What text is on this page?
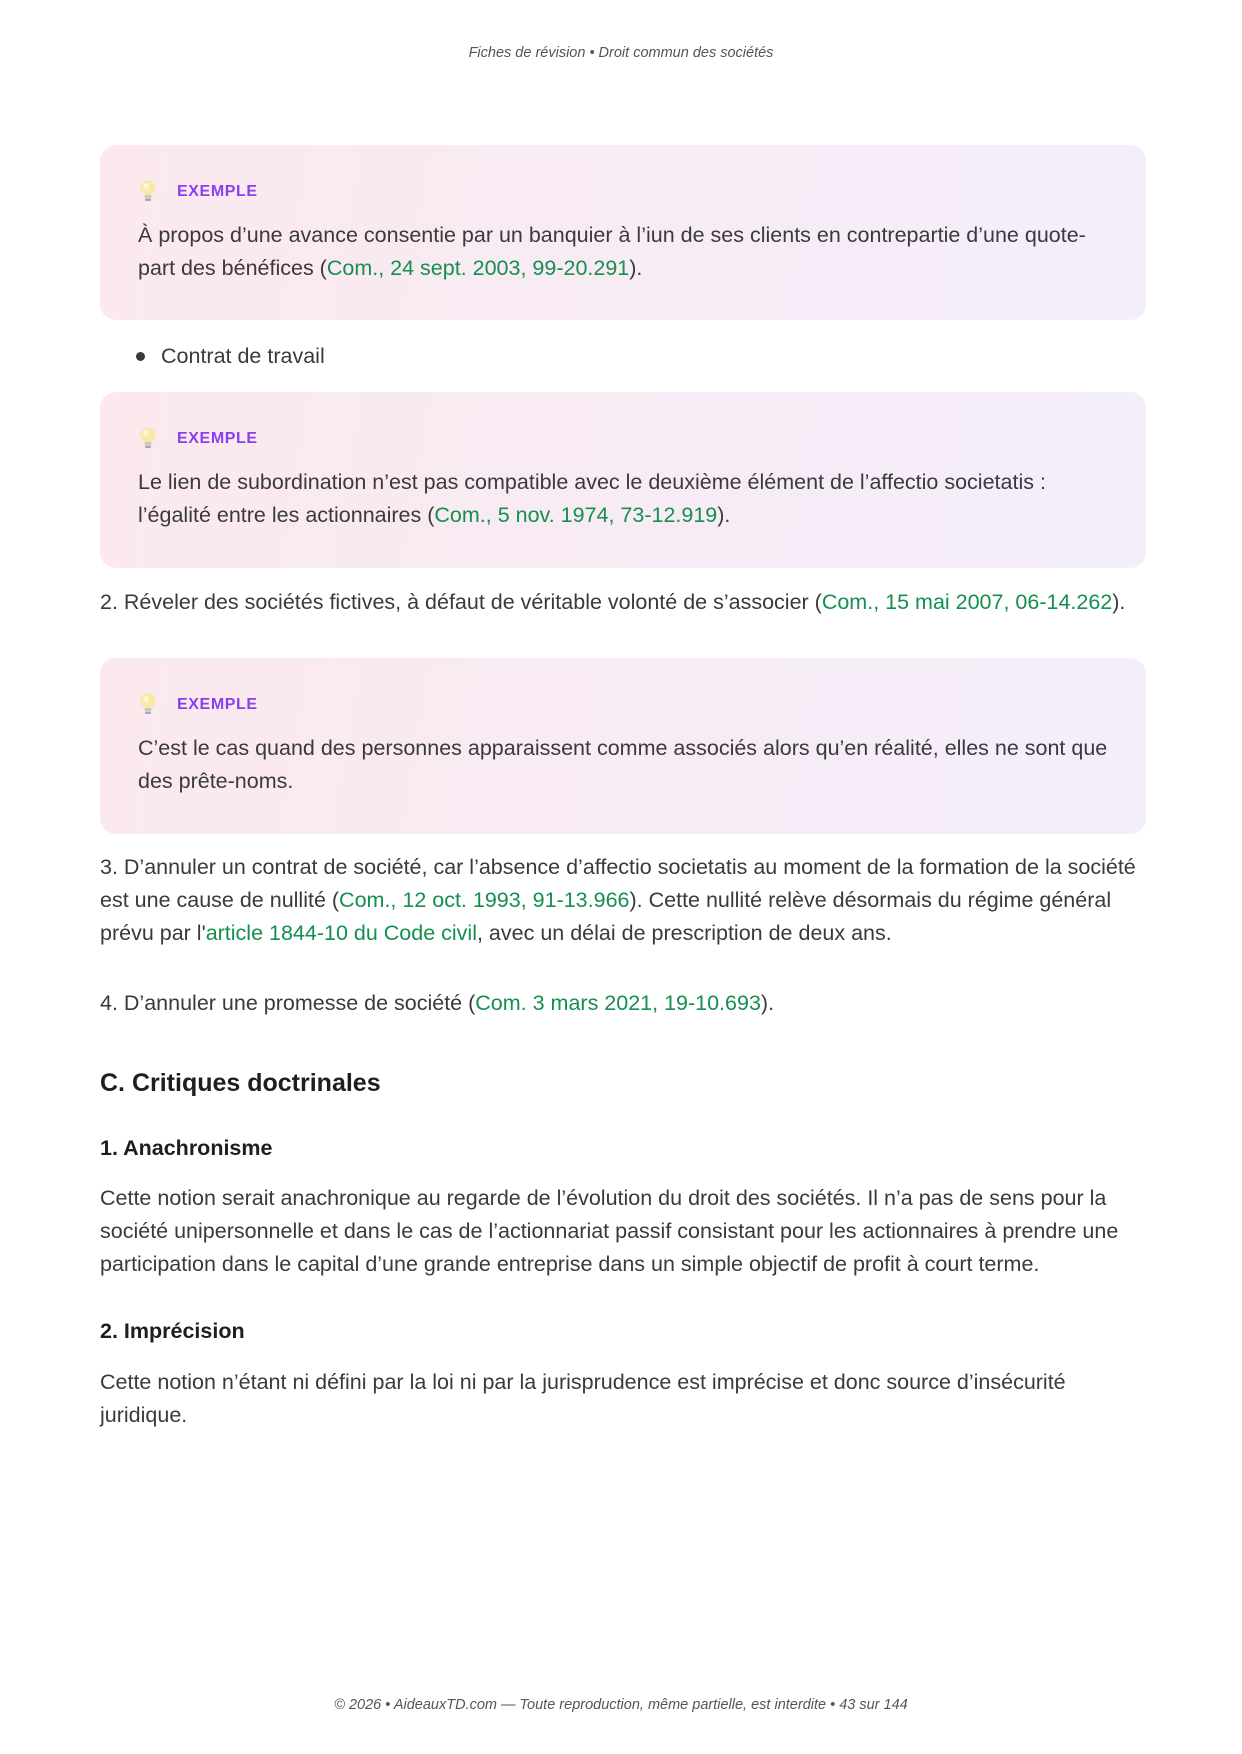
Fiches de révision • Droit commun des sociétés
EXEMPLE
À propos d’une avance consentie par un banquier à l’iun de ses clients en contrepartie d’une quote-part des bénéfices (Com., 24 sept. 2003, 99-20.291).
Contrat de travail
EXEMPLE
Le lien de subordination n’est pas compatible avec le deuxième élément de l’affectio societatis : l’égalité entre les actionnaires (Com., 5 nov. 1974, 73-12.919).

2. Réveler des sociétés fictives, à défaut de véritable volonté de s’associer (Com., 15 mai 2007, 06-14.262).

EXEMPLE
C’est le cas quand des personnes apparaissent comme associés alors qu’en réalité, elles ne sont que des prête-noms.

3. D’annuler un contrat de société, car l’absence d’affectio societatis au moment de la formation de la société est une cause de nullité (Com., 12 oct. 1993, 91-13.966). Cette nullité relève désormais du régime général prévu par l'article 1844-10 du Code civil, avec un délai de prescription de deux ans.

4. D’annuler une promesse de société (Com. 3 mars 2021, 19-10.693).

C. Critiques doctrinales
1. Anachronisme

Cette notion serait anachronique au regarde de l’évolution du droit des sociétés. Il n’a pas de sens pour la société unipersonnelle et dans le cas de l’actionnariat passif consistant pour les actionnaires à prendre une participation dans le capital d’une grande entreprise dans un simple objectif de profit à court terme.

2. Imprécision

Cette notion n’étant ni défini par la loi ni par la jurisprudence est imprécise et donc source d’insécurité juridique.

© 2026 • AideauxTD.com — Toute reproduction, même partielle, est interdite • 43 sur 144
